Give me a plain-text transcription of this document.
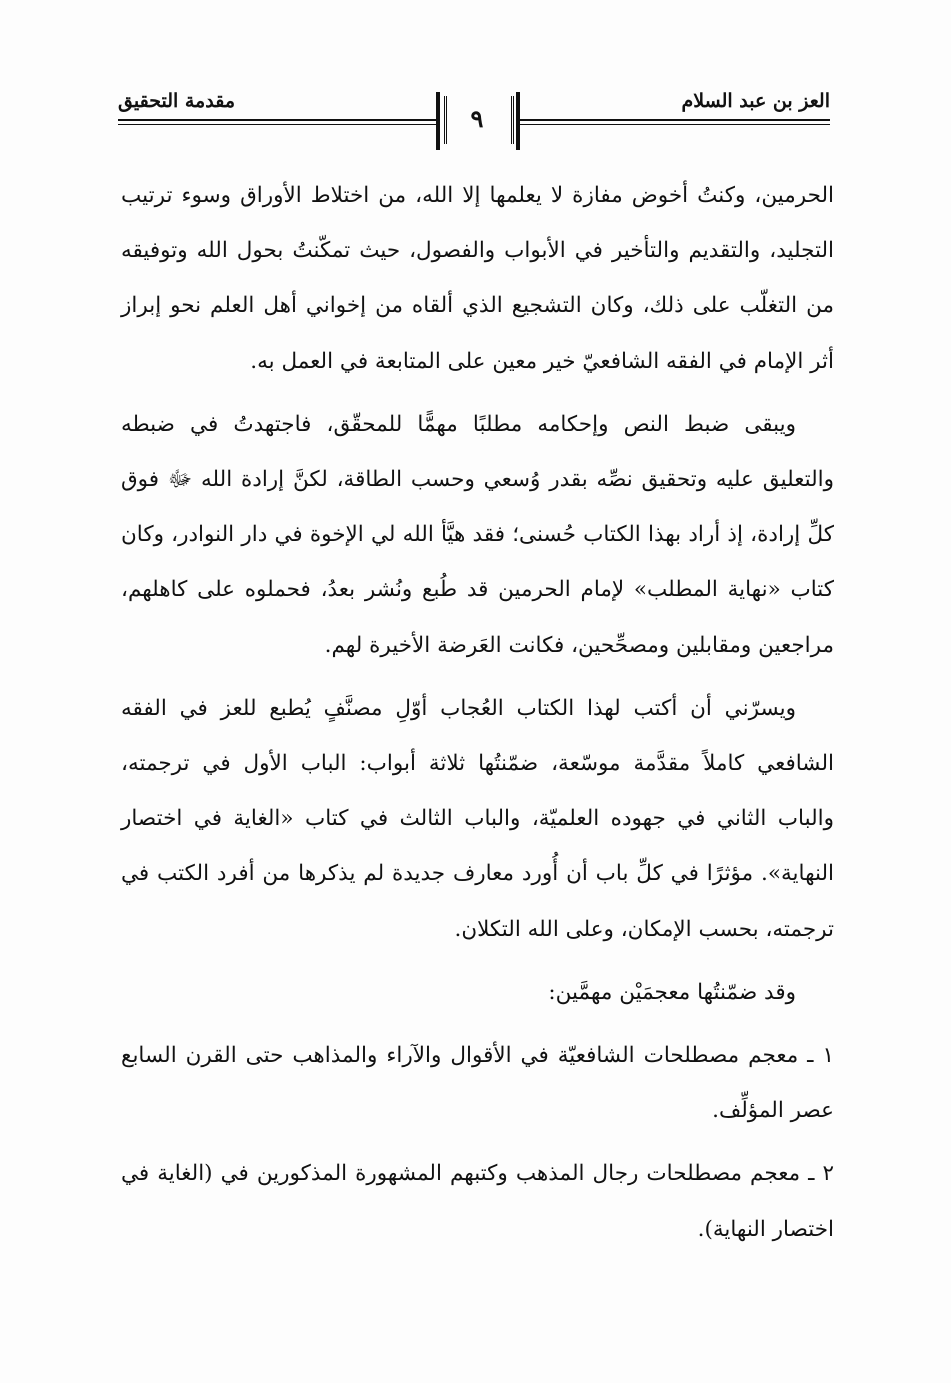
مقدمة التحقيق	العز بن عبد السلام
٩

الحرمين، وكنتُ أخوض مفازة لا يعلمها إلا الله، من اختلاط الأوراق وسوء ترتيب التجليد، والتقديم والتأخير في الأبواب والفصول، حيث تمكّنتُ بحول الله وتوفيقه من التغلّب على ذلك، وكان التشجيع الذي ألقاه من إخواني أهل العلم نحو إبراز أثر الإمام في الفقه الشافعيّ خير معين على المتابعة في العمل به.

ويبقى ضبط النص وإحكامه مطلبًا مهمًّا للمحقّق، فاجتهدتُ في ضبطه والتعليق عليه وتحقيق نصِّه بقدر وُسعي وحسب الطاقة، لكنَّ إرادة الله ﷻ فوق كلِّ إرادة، إذ أراد بهذا الكتاب حُسنى؛ فقد هيَّأ الله لي الإخوة في دار النوادر، وكان كتاب «نهاية المطلب» لإمام الحرمين قد طُبع ونُشر بعدُ، فحملوه على كاهلهم، مراجعين ومقابلين ومصحِّحين، فكانت العَرضة الأخيرة لهم.

ويسرّني أن أكتب لهذا الكتاب العُجاب أوّلِ مصنَّفٍ يُطبع للعز في الفقه الشافعي كاملاً مقدَّمة موسّعة، ضمّنتُها ثلاثة أبواب: الباب الأول في ترجمته، والباب الثاني في جهوده العلميّة، والباب الثالث في كتاب «الغاية في اختصار النهاية». مؤثرًا في كلِّ باب أن أُورد معارف جديدة لم يذكرها من أفرد الكتب في ترجمته، بحسب الإمكان، وعلى الله التكلان.

وقد ضمّنتُها معجمَيْن مهمَّين:

١ ـ معجم مصطلحات الشافعيّة في الأقوال والآراء والمذاهب حتى القرن السابع عصر المؤلِّف.

٢ ـ معجم مصطلحات رجال المذهب وكتبهم المشهورة المذكورين في (الغاية في اختصار النهاية).
